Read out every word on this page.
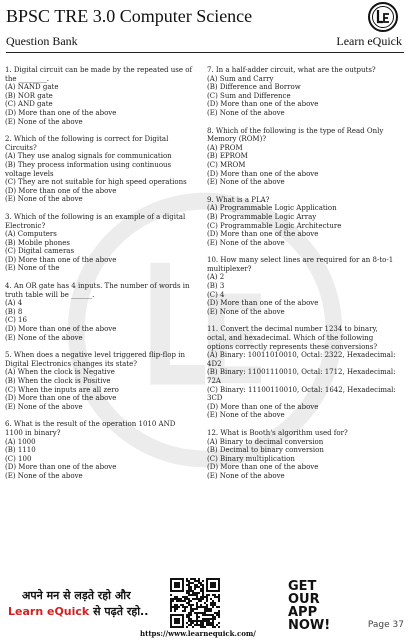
BPSC TRE 3.0 Computer Science
Question Bank	Learn eQuick
1. Digital circuit can be made by the repeated use of the ________.
(A) NAND gate
(B) NOR gate
(C) AND gate
(D) More than one of the above
(E) None of the above
2. Which of the following is correct for Digital Circuits?
(A) They use analog signals for communication
(B) They process information using continuous voltage levels
(C) They are not suitable for high speed operations
(D) More than one of the above
(E) None of the above
3. Which of the following is an example of a digital Electronic?
(A) Computers
(B) Mobile phones
(C) Digital cameras
(D) More than one of the above
(E) None of the
4. An OR gate has 4 inputs. The number of words in truth table will be ______.
(A) 4
(B) 8
(C) 16
(D) More than one of the above
(E) None of the above
5. When does a negative level triggered flip-flop in Digital Electronics changes its state?
(A) When the clock is Negative
(B) When the clock is Positive
(C) When the inputs are all zero
(D) More than one of the above
(E) None of the above
6. What is the result of the operation 1010 AND 1100 in binary?
(A) 1000
(B) 1110
(C) 100
(D) More than one of the above
(E) None of the above
7. In a half-adder circuit, what are the outputs?
(A) Sum and Carry
(B) Difference and Borrow
(C) Sum and Difference
(D) More than one of the above
(E) None of the above
8. Which of the following is the type of Read Only Memory (ROM)?
(A) PROM
(B) EPROM
(C) MROM
(D) More than one of the above
(E) None of the above
9. What is a PLA?
(A) Programmable Logic Application
(B) Programmable Logic Array
(C) Programmable Logic Architecture
(D) More than one of the above
(E) None of the above
10. How many select lines are required for an 8-to-1 multiplexer?
(A) 2
(B) 3
(C) 4
(D) More than one of the above
(E) None of the above
11. Convert the decimal number 1234 to binary, octal, and hexadecimal. Which of the following options correctly represents these conversions?
(A) Binary: 10011010010, Octal: 2322, Hexadecimal: 4D2
(B) Binary: 11001110010, Octal: 1712, Hexadecimal: 72A
(C) Binary: 11100110010, Octal: 1642, Hexadecimal: 3CD
(D) More than one of the above
(E) None of the above
12. What is Booth's algorithm used for?
(A) Binary to decimal conversion
(B) Decimal to binary conversion
(C) Binary multiplication
(D) More than one of the above
(E) None of the above
अपने मन से लड़ते रहो और
Learn eQuick से पढ़ते रहो..
GET
OUR
APP
NOW!
https://www.learnequick.com/
Page 37
